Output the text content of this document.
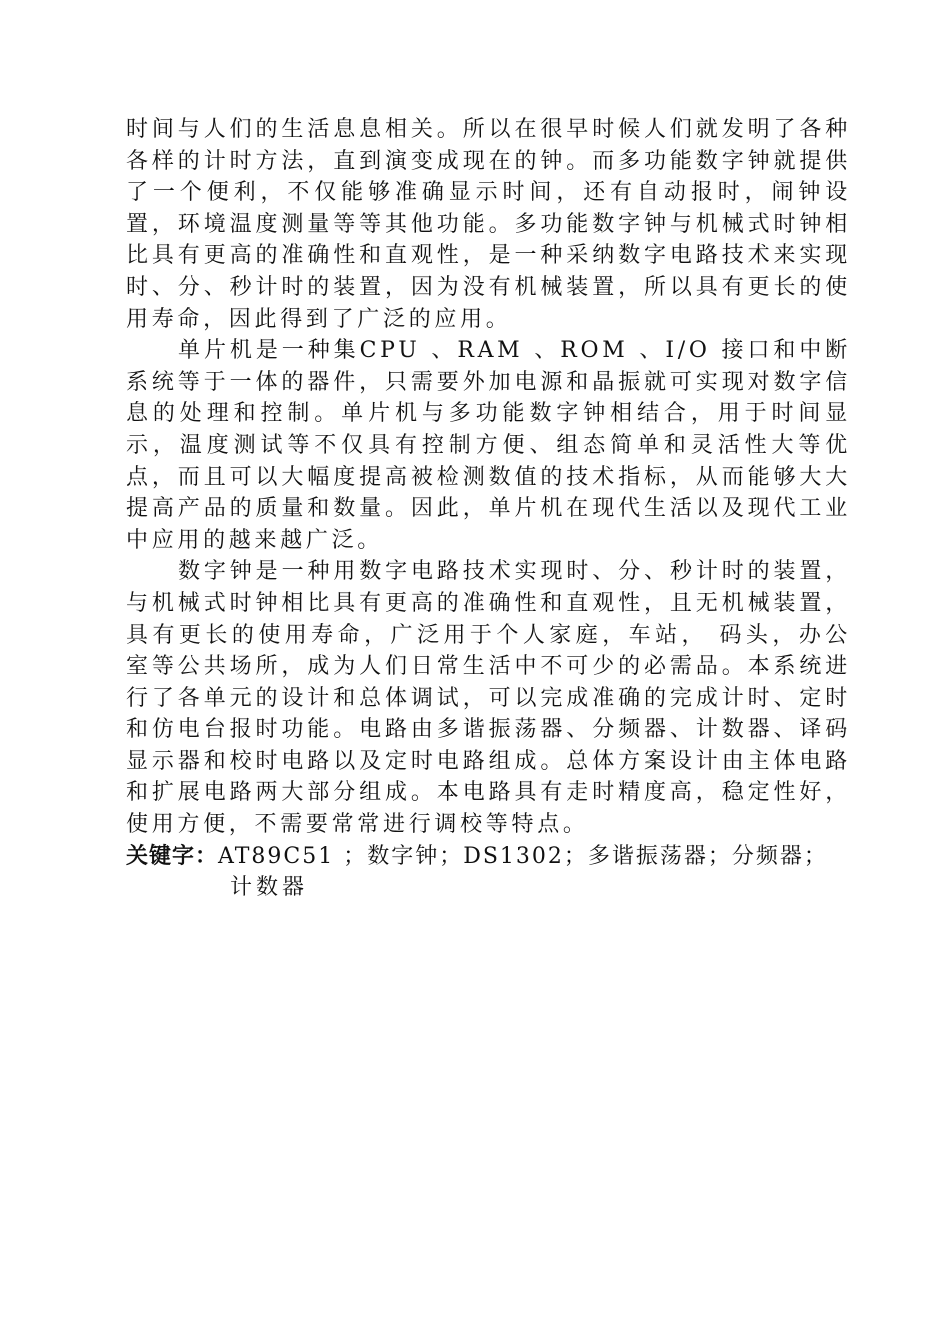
时间与人们的生活息息相关。所以在很早时候人们就发明了各种各样的计时方法，直到演变成现在的钟。而多功能数字钟就提供了一个便利，不仅能够准确显示时间，还有自动报时，闹钟设置，环境温度测量等等其他功能。多功能数字钟与机械式时钟相比具有更高的准确性和直观性，是一种采纳数字电路技术来实现时、分、秒计时的装置，因为没有机械装置，所以具有更长的使用寿命，因此得到了广泛的应用。

单片机是一种集CPU 、RAM 、ROM 、I/O 接口和中断系统等于一体的器件，只需要外加电源和晶振就可实现对数字信息的处理和控制。单片机与多功能数字钟相结合，用于时间显示，温度测试等不仅具有控制方便、组态简单和灵活性大等优点，而且可以大幅度提高被检测数值的技术指标，从而能够大大提高产品的质量和数量。因此，单片机在现代生活以及现代工业中应用的越来越广泛。

数字钟是一种用数字电路技术实现时、分、秒计时的装置，与机械式时钟相比具有更高的准确性和直观性，且无机械装置，具有更长的使用寿命，广泛用于个人家庭，车站， 码头，办公室等公共场所，成为人们日常生活中不可少的必需品。本系统进行了各单元的设计和总体调试，可以完成准确的完成计时、定时和仿电台报时功能。电路由多谐振荡器、分频器、计数器、译码显示器和校时电路以及定时电路组成。总体方案设计由主体电路和扩展电路两大部分组成。本电路具有走时精度高，稳定性好，使用方便，不需要常常进行调校等特点。

关键字：AT89C51 ；数字钟；DS1302；多谐振荡器；分频器；
计数器
